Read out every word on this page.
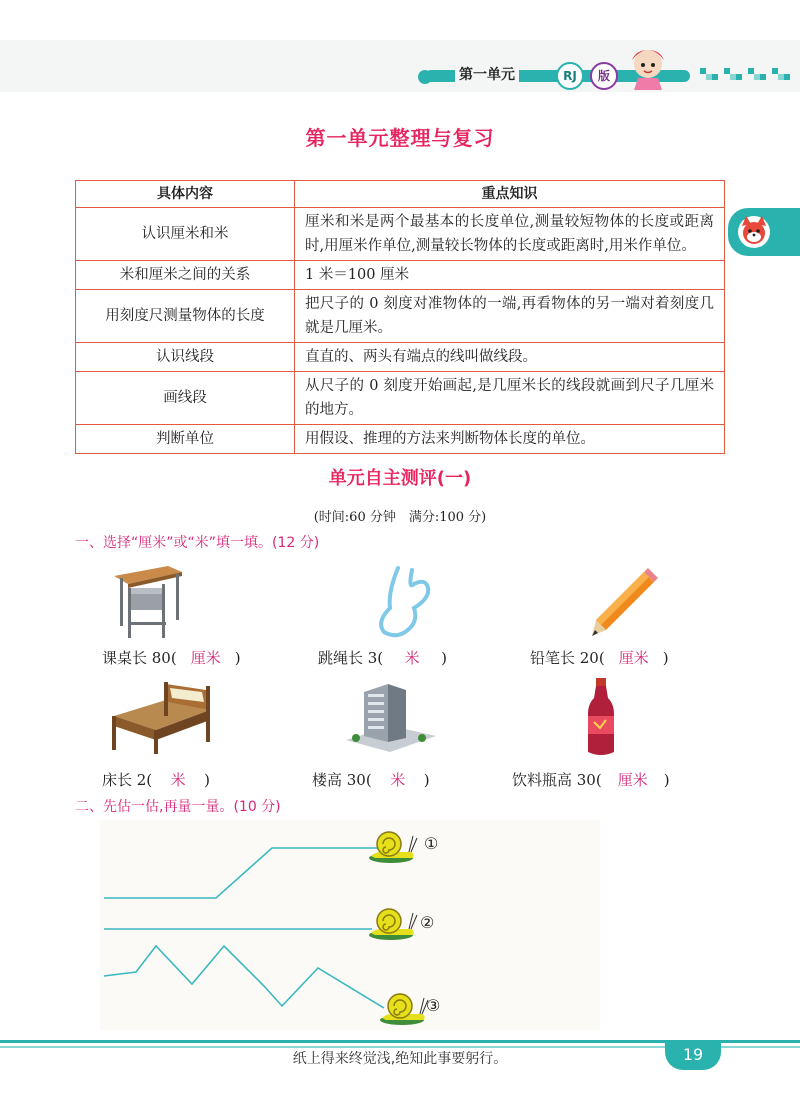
第一单元	RJ	版
第一单元整理与复习
具体内容	重点知识
认识厘米和米	厘米和米是两个最基本的长度单位,测量较短物体的长度或距离时,用厘米作单位,测量较长物体的长度或距离时,用米作单位。
米和厘米之间的关系	1 米＝100 厘米
用刻度尺测量物体的长度	把尺子的 0 刻度对准物体的一端,再看物体的另一端对着刻度几就是几厘米。
认识线段	直直的、两头有端点的线叫做线段。
画线段	从尺子的 0 刻度开始画起,是几厘米长的线段就画到尺子几厘米的地方。
判断单位	用假设、推理的方法来判断物体长度的单位。
单元自主测评(一)
(时间:60 分钟　满分:100 分)
一、选择“厘米”或“米”填一填。(12 分)
课桌长 80( 厘米 )	跳绳长 3( 米 )	铅笔长 20( 厘米 )
床长 2( 米 )	楼高 30( 米 )	饮料瓶高 30( 厘米 )
二、先估一估,再量一量。(10 分)
①
②
③
纸上得来终觉浅,绝知此事要躬行。	19
